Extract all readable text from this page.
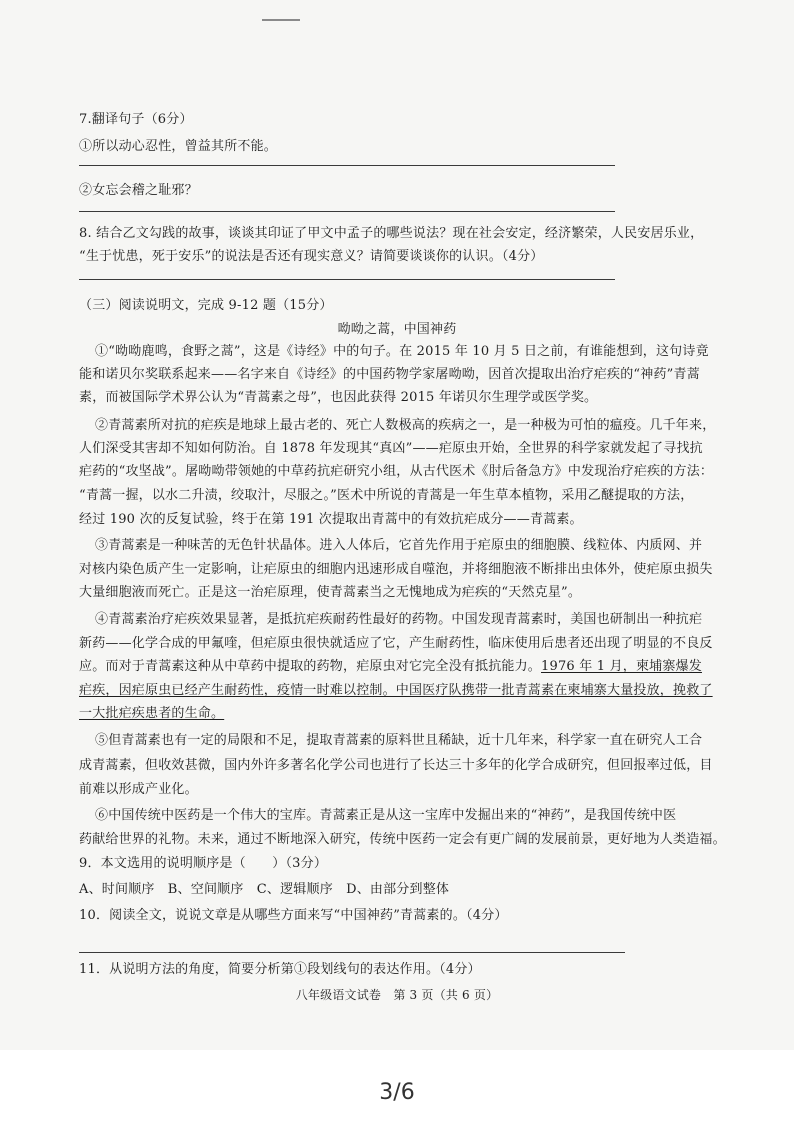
7.翻译句子（6分）
①所以动心忍性，曾益其所不能。
②女忘会稽之耻邪？
8. 结合乙文勾践的故事，谈谈其印证了甲文中孟子的哪些说法？现在社会安定，经济繁荣，人民安居乐业，
“生于忧患，死于安乐”的说法是否还有现实意义？请简要谈谈你的认识。（4分）
（三）阅读说明文，完成 9-12 题（15分）
呦呦之蒿，中国神药
①“呦呦鹿鸣，食野之蒿”，这是《诗经》中的句子。在 2015 年 10 月 5 日之前，有谁能想到，这句诗竟
能和诺贝尔奖联系起来——名字来自《诗经》的中国药物学家屠呦呦，因首次提取出治疗疟疾的“神药”青蒿
素，而被国际学术界公认为“青蒿素之母”，也因此获得 2015 年诺贝尔生理学或医学奖。
②青蒿素所对抗的疟疾是地球上最古老的、死亡人数极高的疾病之一，是一种极为可怕的瘟疫。几千年来，
人们深受其害却不知如何防治。自 1878 年发现其“真凶”——疟原虫开始，全世界的科学家就发起了寻找抗
疟药的“攻坚战”。屠呦呦带领她的中草药抗疟研究小组，从古代医术《肘后备急方》中发现治疗疟疾的方法：
“青蒿一握，以水二升渍，绞取汁，尽服之。”医术中所说的青蒿是一年生草本植物，采用乙醚提取的方法，
经过 190 次的反复试验，终于在第 191 次提取出青蒿中的有效抗疟成分——青蒿素。
③青蒿素是一种味苦的无色针状晶体。进入人体后，它首先作用于疟原虫的细胞膜、线粒体、内质网、并
对核内染色质产生一定影响，让疟原虫的细胞内迅速形成自噬泡，并将细胞液不断排出虫体外，使疟原虫损失
大量细胞液而死亡。正是这一治疟原理，使青蒿素当之无愧地成为疟疾的“天然克星”。
④青蒿素治疗疟疾效果显著，是抵抗疟疾耐药性最好的药物。中国发现青蒿素时，美国也研制出一种抗疟
新药——化学合成的甲氟喹，但疟原虫很快就适应了它，产生耐药性，临床使用后患者还出现了明显的不良反
应。而对于青蒿素这种从中草药中提取的药物，疟原虫对它完全没有抵抗能力。1976 年 1 月，柬埔寨爆发
疟疾，因疟原虫已经产生耐药性，疫情一时难以控制。中国医疗队携带一批青蒿素在柬埔寨大量投放，挽救了
一大批疟疾患者的生命。
⑤但青蒿素也有一定的局限和不足，提取青蒿素的原料世且稀缺，近十几年来，科学家一直在研究人工合
成青蒿素，但收效甚微，国内外许多著名化学公司也进行了长达三十多年的化学合成研究，但回报率过低，目
前难以形成产业化。
⑥中国传统中医药是一个伟大的宝库。青蒿素正是从这一宝库中发掘出来的“神药”，是我国传统中医
药献给世界的礼物。未来，通过不断地深入研究，传统中医药一定会有更广阔的发展前景，更好地为人类造福。
9．本文选用的说明顺序是（　　）（3分）
A、时间顺序　B、空间顺序　C、逻辑顺序　D、由部分到整体
10．阅读全文，说说文章是从哪些方面来写“中国神药”青蒿素的。（4分）
11．从说明方法的角度，简要分析第①段划线句的表达作用。（4分）
八年级语文试卷　第 3 页（共 6 页）
3/6
